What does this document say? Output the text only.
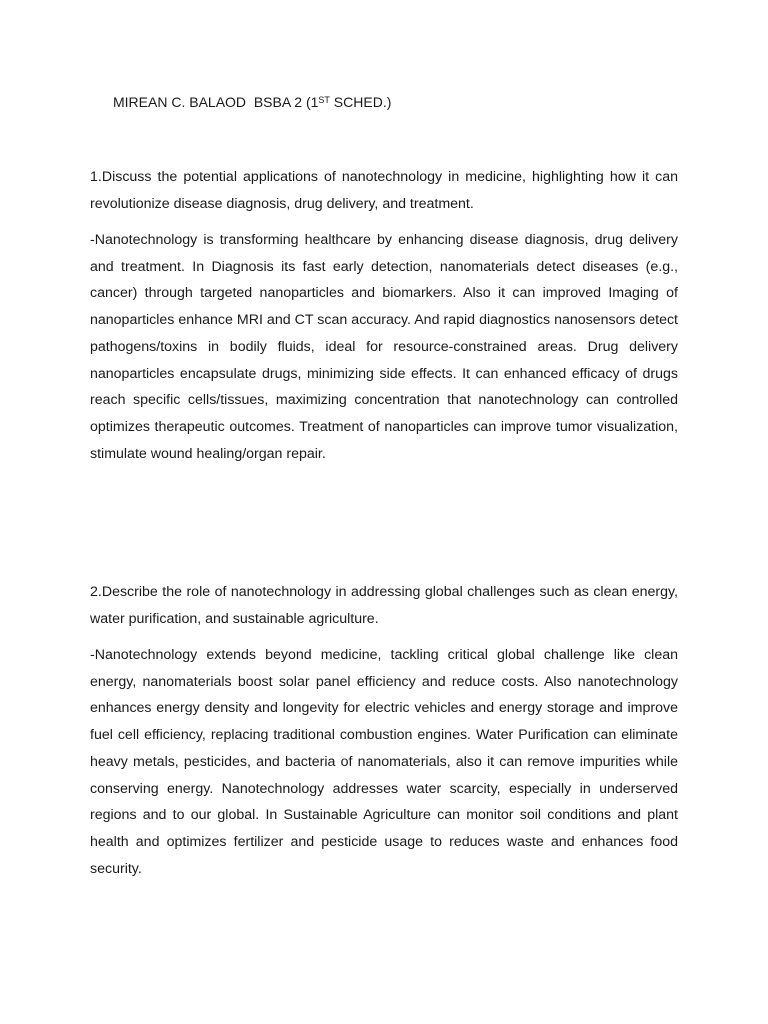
MIREAN C. BALAOD BSBA 2 (1ST SCHED.)

1.Discuss the potential applications of nanotechnology in medicine, highlighting how it can revolutionize disease diagnosis, drug delivery, and treatment.

-Nanotechnology is transforming healthcare by enhancing disease diagnosis, drug delivery and treatment. In Diagnosis its fast early detection, nanomaterials detect diseases (e.g., cancer) through targeted nanoparticles and biomarkers. Also it can improved Imaging of nanoparticles enhance MRI and CT scan accuracy. And rapid diagnostics nanosensors detect pathogens/toxins in bodily fluids, ideal for resource-constrained areas. Drug delivery nanoparticles encapsulate drugs, minimizing side effects. It can enhanced efficacy of drugs reach specific cells/tissues, maximizing concentration that nanotechnology can controlled optimizes therapeutic outcomes. Treatment of nanoparticles can improve tumor visualization, stimulate wound healing/organ repair.

2.Describe the role of nanotechnology in addressing global challenges such as clean energy, water purification, and sustainable agriculture.

-Nanotechnology extends beyond medicine, tackling critical global challenge like clean energy, nanomaterials boost solar panel efficiency and reduce costs. Also nanotechnology enhances energy density and longevity for electric vehicles and energy storage and improve fuel cell efficiency, replacing traditional combustion engines. Water Purification can eliminate heavy metals, pesticides, and bacteria of nanomaterials, also it can remove impurities while conserving energy. Nanotechnology addresses water scarcity, especially in underserved regions and to our global. In Sustainable Agriculture can monitor soil conditions and plant health and optimizes fertilizer and pesticide usage to reduces waste and enhances food security.
